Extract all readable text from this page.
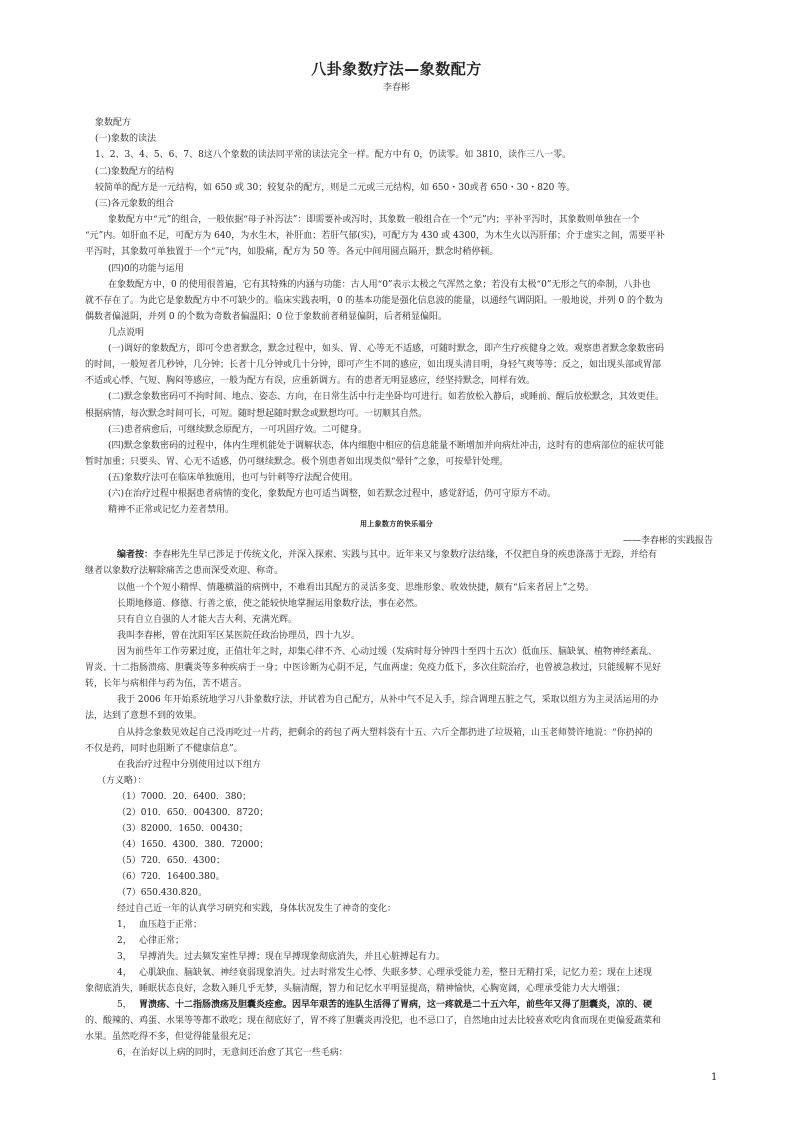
八卦象数疗法—象数配方
李春彬
象数配方
(一)象数的读法
1、2、3、4、5、6、7、8这八个象数的读法同平常的读法完全一样。配方中有 0，仍读零。如 3810，读作三八一零。
(二)象数配方的结构
较简单的配方是一元结构，如 650 或 30；较复杂的配方，则是二元或三元结构，如 650・30或者 650・30・820 等。
(三)各元象数的组合
象数配方中“元”的组合，一般依据“母子补泻法”：即需要补或泻时，其象数一般组合在一个“元”内；平补平泻时，其象数则单独在一个
“元”内。如肝血不足，可配方为 640，为水生木，补肝血；若肝气郁(实)，可配方为 430 或 4300，为木生火以泻肝郁；介于虚实之间，需要平补
平泻时，其象数可单独置于一个“元”内，如股痛，配方为 50 等。各元中间用圆点隔开，默念时稍停顿。
(四)0的功能与运用
在象数配方中，0 的使用很普遍，它有其特殊的内涵与功能：古人用“0”表示太极之气浑然之象；若没有太极“0”无形之气的牵制，八卦也
就不存在了。为此它是象数配方中不可缺少的。临床实践表明，0 的基本功能是强化信息波的能量，以通经气调阴阳。一般地说，并列 0 的个数为
偶数者偏滋阴，并列 0 的个数为奇数者偏温阳；0 位于象数前者稍显偏阴，后者稍显偏阳。
几点说明
(一)调好的象数配方，即可令患者默念，默念过程中，如头、胃、心等无不适感，可随时默念，即产生疗疾健身之效。观察患者默念象数密码
的时间，一般短者几秒钟，几分钟；长者十几分钟或几十分钟，即可产生不同的感应，如出现头清目明，身轻气爽等等；反之，如出现头部或胃部
不适或心悸、气短、胸闷等感应，一般为配方有误，应重新调方。有的患者无明显感应，经坚持默念，同样有效。
(二)默念象数密码可不拘时间、地点、姿态、方向，在日常生活中行走坐卧均可进行。如若放松入静后，或睡前、醒后放松默念，其效更佳。
根据病情，每次默念时间可长，可短。随时想起随时默念或默想均可。一切顺其自然。
(三)患者病愈后，可继续默念原配方，一可巩固疗效。二可健身。
(四)默念象数密码的过程中，体内生理机能处于调解状态，体内细胞中相应的信息能量不断增加并向病灶冲击，这时有的患病部位的症状可能
暂时加重；只要头、胃、心无不适感，仍可继续默念。极个别患者如出现类似“晕针”之象，可按晕针处理。
(五)象数疗法可在临床单独施用，也可与针刺等疗法配合使用。
(六)在治疗过程中根据患者病情的变化，象数配方也可适当调整，如若默念过程中，感觉舒适，仍可守原方不动。
精神不正常或记忆力差者禁用。
用上象数方的快乐福分
——李春彬的实践报告
编者按：李春彬先生早已涉足于传统文化，并深入探索、实践与其中。近年来又与象数疗法结缘，不仅把自身的疾患涤荡于无踪，并给有
继者以象数疗法解除痛苦之患而深受欢迎、称奇。
以他一个个短小精悍、情趣横溢的病例中，不难看出其配方的灵活多变、思维形象、收效快捷，颇有“后来者居上”之势。
长期地修道、修德、行善之旅，使之能较快地掌握运用象数疗法，事在必然。
只有自立自强的人才能大吉大利、充满光辉。
我叫李春彬，曾在沈阳军区某医院任政治协理员，四十九岁。
因为前些年工作劳累过度，正值壮年之时，却集心律不齐、心动过缓（发病时每分钟四十至四十五次）低血压、脑缺氧、植物神经紊乱、
胃炎、十二指肠溃疡、胆囊炎等多种疾病于一身；中医诊断为心阴不足，气血两虚；免疫力低下，多次住院治疗，也曾被急救过，只能缓解不见好
转，长年与病相伴与药为伍，苦不堪言。
我于 2006 年开始系统地学习八卦象数疗法，并试着为自己配方，从补中气不足入手，综合调理五脏之气，采取以组方为主灵活运用的办
法，达到了意想不到的效果。
自从持念象数见效起自己没再吃过一片药，把剩余的药包了两大塑料袋有十五、六斤全都扔进了垃圾箱，山玉老师赞许地说：“你扔掉的
不仅是药，同时也阻断了不健康信息”。
在我治疗过程中分别使用过以下组方
（方义略）：
（1）7000．20．6400．380；
（2）010．650．004300．8720；
（3）82000．1650．00430；
（4）1650．4300．380．72000；
（5）720．650．4300；
（6）720．16400.380。
（7）650.430.820。
经过自己近一年的认真学习研究和实践，身体状况发生了神奇的变化：
1， 血压趋于正常；
2， 心律正常；
3， 早搏消失。过去频发室性早搏；现在早搏现象彻底消失，并且心脏搏起有力。
4， 心肌缺血、脑缺氧、神经衰弱现象消失。过去时常发生心悸、失眠多梦、心理承受能力差，整日无精打采，记忆力差；现在上述现
象彻底消失，睡眠状态良好，念数入睡几乎无梦，头脑清醒，智力和记忆水平明显提高，精神愉快，心胸宽阔，心理承受能力大大增强；
5， 胃溃疡、十二指肠溃疡及胆囊炎痊愈。因早年艰苦的连队生活得了胃病，这一疼就是二十五六年，前些年又得了胆囊炎，凉的、硬
的、酸辣的、鸡蛋、水果等等都不敢吃；现在彻底好了，胃不疼了胆囊炎再没犯，也不忌口了，自然地由过去比较喜欢吃肉食而现在更偏爱蔬菜和
水果。虽然吃得不多，但觉得能量很充足；
6，在治好以上病的同时，无意间还治愈了其它一些毛病：
1
